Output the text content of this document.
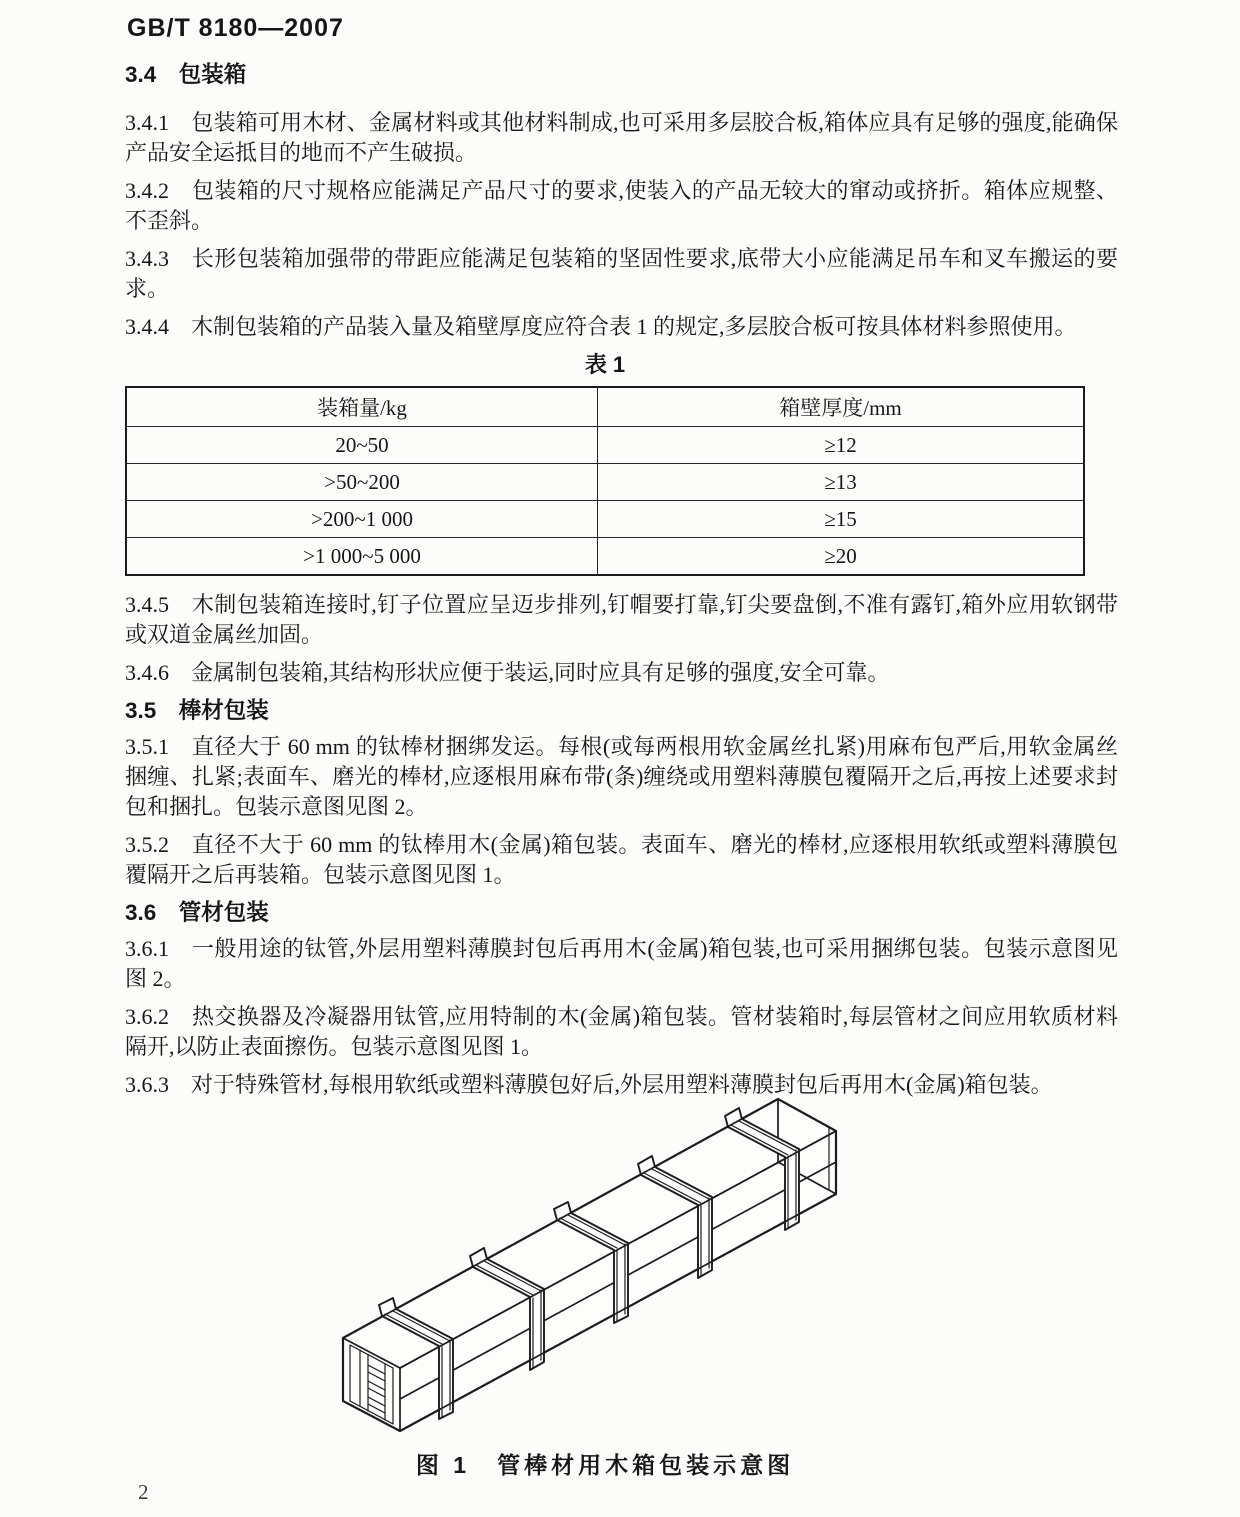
GB/T 8180—2007
3.4　包装箱

3.4.1　包装箱可用木材、金属材料或其他材料制成,也可采用多层胶合板,箱体应具有足够的强度,能确保产品安全运抵目的地而不产生破损。

3.4.2　包装箱的尺寸规格应能满足产品尺寸的要求,使装入的产品无较大的窜动或挤折。箱体应规整、不歪斜。

3.4.3　长形包装箱加强带的带距应能满足包装箱的坚固性要求,底带大小应能满足吊车和叉车搬运的要求。

3.4.4　木制包装箱的产品装入量及箱壁厚度应符合表 1 的规定,多层胶合板可按具体材料参照使用。

表 1
装箱量/kg	箱壁厚度/mm
20~50	≥12
>50~200	≥13
>200~1 000	≥15
>1 000~5 000	≥20

3.4.5　木制包装箱连接时,钉子位置应呈迈步排列,钉帽要打靠,钉尖要盘倒,不准有露钉,箱外应用软钢带或双道金属丝加固。

3.4.6　金属制包装箱,其结构形状应便于装运,同时应具有足够的强度,安全可靠。

3.5　棒材包装

3.5.1　直径大于 60 mm 的钛棒材捆绑发运。每根(或每两根用软金属丝扎紧)用麻布包严后,用软金属丝捆缠、扎紧;表面车、磨光的棒材,应逐根用麻布带(条)缠绕或用塑料薄膜包覆隔开之后,再按上述要求封包和捆扎。包装示意图见图 2。

3.5.2　直径不大于 60 mm 的钛棒用木(金属)箱包装。表面车、磨光的棒材,应逐根用软纸或塑料薄膜包覆隔开之后再装箱。包装示意图见图 1。

3.6　管材包装

3.6.1　一般用途的钛管,外层用塑料薄膜封包后再用木(金属)箱包装,也可采用捆绑包装。包装示意图见图 2。

3.6.2　热交换器及冷凝器用钛管,应用特制的木(金属)箱包装。管材装箱时,每层管材之间应用软质材料隔开,以防止表面擦伤。包装示意图见图 1。

3.6.3　对于特殊管材,每根用软纸或塑料薄膜包好后,外层用塑料薄膜封包后再用木(金属)箱包装。

图 1　管棒材用木箱包装示意图
2
